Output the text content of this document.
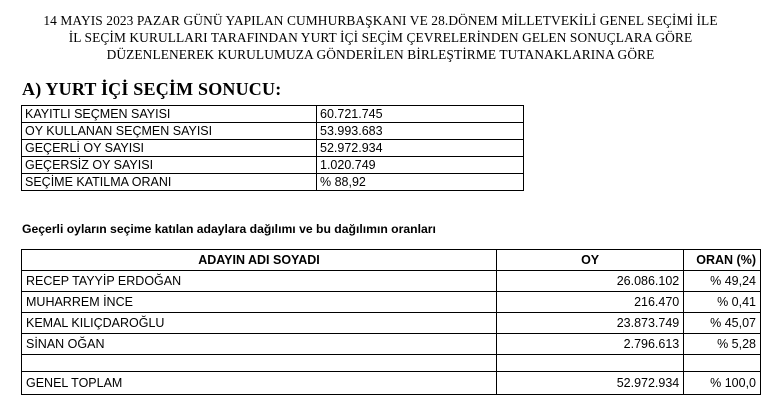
14 MAYIS 2023 PAZAR GÜNÜ YAPILAN CUMHURBAŞKANI VE 28.DÖNEM MİLLETVEKİLİ GENEL SEÇİMİ İLE
İL SEÇİM KURULLARI TARAFINDAN YURT İÇİ SEÇİM ÇEVRELERİNDEN GELEN SONUÇLARA GÖRE
DÜZENLENEREK KURULUMUZA GÖNDERİLEN BİRLEŞTİRME TUTANAKLARINA GÖRE
A) YURT İÇİ SEÇİM SONUCU:
KAYITLI SEÇMEN SAYISI	60.721.745
OY KULLANAN SEÇMEN SAYISI	53.993.683
GEÇERLİ OY SAYISI	52.972.934
GEÇERSİZ OY SAYISI	1.020.749
SEÇİME KATILMA ORANI	% 88,92
Geçerli oyların seçime katılan adaylara dağılımı ve bu dağılımın oranları
ADAYIN ADI SOYADI	OY	ORAN (%)
RECEP TAYYİP ERDOĞAN	26.086.102	% 49,24
MUHARREM İNCE	216.470	% 0,41
KEMAL KILIÇDAROĞLU	23.873.749	% 45,07
SİNAN OĞAN	2.796.613	% 5,28

GENEL TOPLAM	52.972.934	% 100,0
